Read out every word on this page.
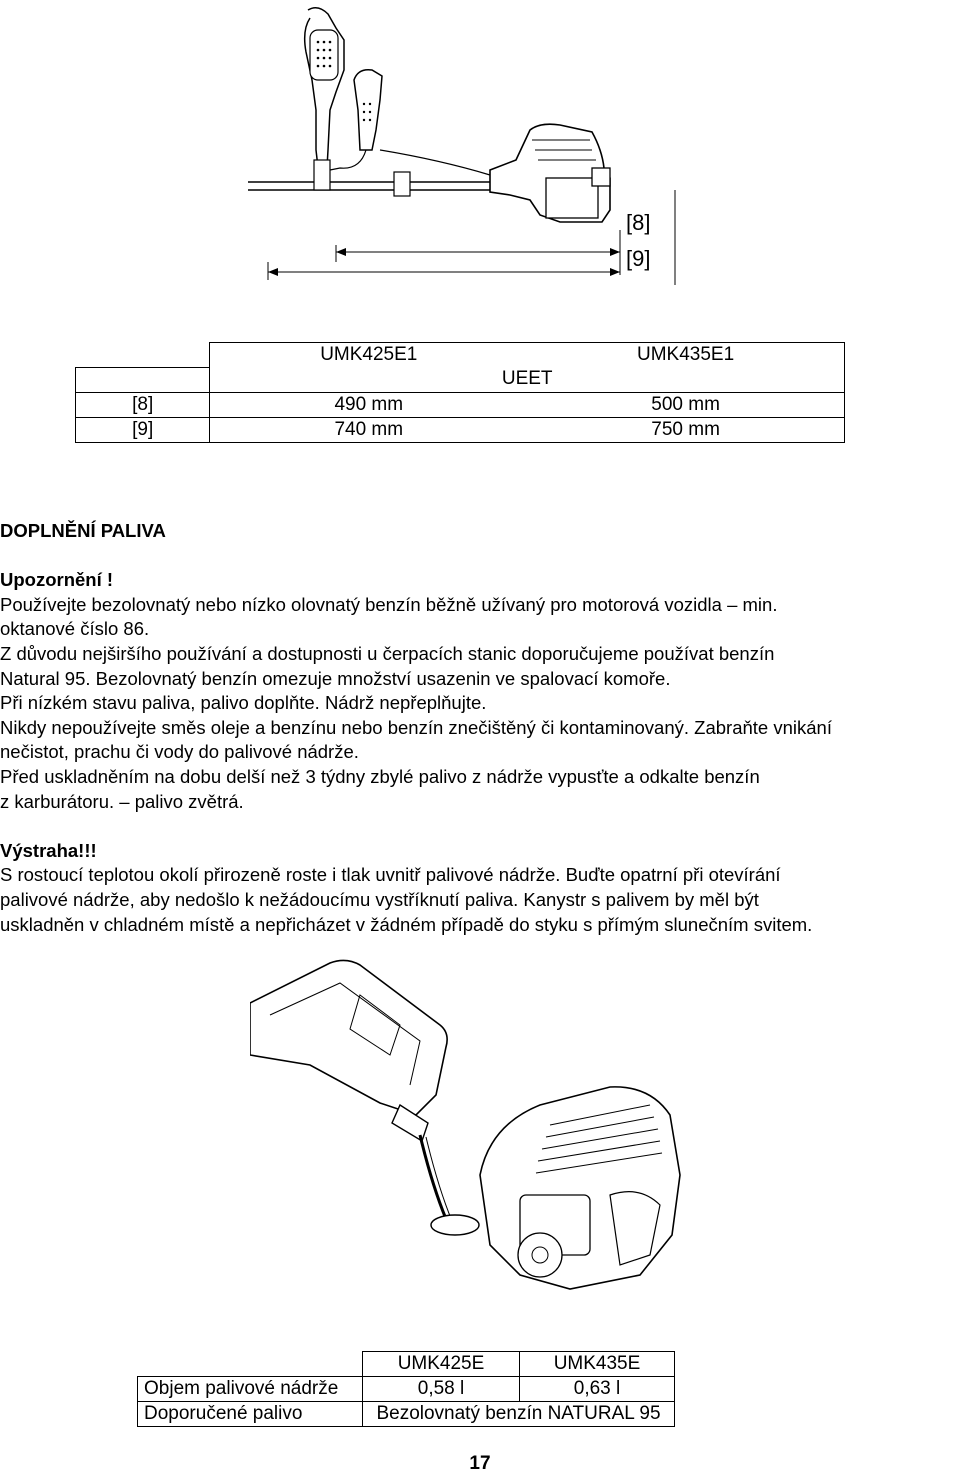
[8]
[9]
	UMK425E1	UMK435E1
	UEET	
[8]	490 mm	500 mm
[9]	740 mm	750 mm

DOPLNĚNÍ PALIVA

Upozornění !

Používejte bezolovnatý nebo nízko olovnatý benzín běžně užívaný pro motorová vozidla – min.

oktanové číslo 86.

Z důvodu nejširšího používání a dostupnosti u čerpacích stanic doporučujeme používat benzín

Natural 95. Bezolovnatý benzín omezuje množství usazenin ve spalovací komoře.

Při nízkém stavu paliva, palivo doplňte. Nádrž nepřeplňujte.

Nikdy nepoužívejte směs oleje a benzínu nebo benzín znečištěný či kontaminovaný. Zabraňte vnikání

nečistot, prachu či vody do palivové nádrže.

Před uskladněním na dobu delší než 3 týdny zbylé palivo z nádrže vypusťte a odkalte benzín

z karburátoru. – palivo zvětrá.

Výstraha!!!

S rostoucí teplotou okolí přirozeně roste i tlak uvnitř palivové nádrže. Buďte opatrní při otevírání

palivové nádrže, aby nedošlo k nežádoucímu vystříknutí paliva. Kanystr s palivem by měl být

uskladněn v chladném místě a nepřicházet v žádném případě do styku s přímým slunečním svitem.

	UMK425E	UMK435E
Objem palivové nádrže	0,58 l	0,63 l
Doporučené palivo	Bezolovnatý benzín NATURAL 95	
17
